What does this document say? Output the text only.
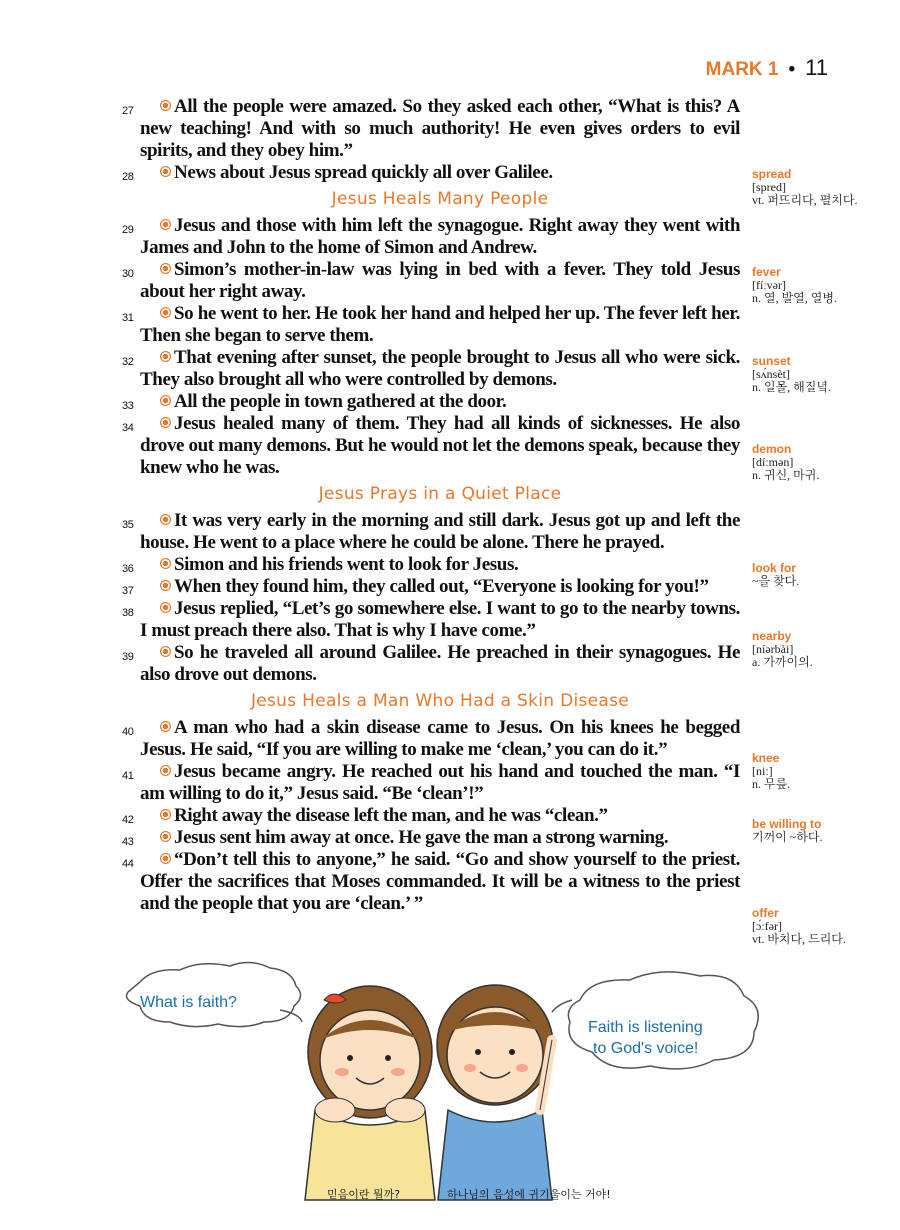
MARK 1 • 11
27 All the people were amazed. So they asked each other, “What is this? A new teaching! And with so much authority! He even gives orders to evil spirits, and they obey him.”
28 News about Jesus spread quickly all over Galilee.
Jesus Heals Many People
29 Jesus and those with him left the synagogue. Right away they went with James and John to the home of Simon and Andrew.
30 Simon’s mother-in-law was lying in bed with a fever. They told Jesus about her right away.
31 So he went to her. He took her hand and helped her up. The fever left her. Then she began to serve them.
32 That evening after sunset, the people brought to Jesus all who were sick. They also brought all who were controlled by demons.
33 All the people in town gathered at the door.
34 Jesus healed many of them. They had all kinds of sicknesses. He also drove out many demons. But he would not let the demons speak, because they knew who he was.
Jesus Prays in a Quiet Place
35 It was very early in the morning and still dark. Jesus got up and left the house. He went to a place where he could be alone. There he prayed.
36 Simon and his friends went to look for Jesus.
37 When they found him, they called out, “Everyone is looking for you!”
38 Jesus replied, “Let’s go somewhere else. I want to go to the nearby towns. I must preach there also. That is why I have come.”
39 So he traveled all around Galilee. He preached in their synagogues. He also drove out demons.
Jesus Heals a Man Who Had a Skin Disease
40 A man who had a skin disease came to Jesus. On his knees he begged Jesus. He said, “If you are willing to make me ‘clean,’ you can do it.”
41 Jesus became angry. He reached out his hand and touched the man. “I am willing to do it,” Jesus said. “Be ‘clean’!”
42 Right away the disease left the man, and he was “clean.”
43 Jesus sent him away at once. He gave the man a strong warning.
44 “Don’t tell this to anyone,” he said. “Go and show yourself to the priest. Offer the sacrifices that Moses commanded. It will be a witness to the priest and the people that you are ‘clean.’ ”
spread
[spred]
vt. 퍼뜨리다, 펼치다.
fever
[fíːvər]
n. 열, 발열, 열병.
sunset
[sʌ́nsèt]
n. 일몰, 해질녘.
demon
[díːmən]
n. 귀신, 마귀.
look for
~을 찾다.
nearby
[níərbài]
a. 가까이의.
knee
[niː]
n. 무릎.
be willing to
기꺼이 ~하다.
offer
[ɔ́ːfər]
vt. 바치다, 드리다.
What is faith?
Faith is listening
to God's voice!
믿음이란 뭘까?	하나님의 음성에 귀기울이는 거야!
